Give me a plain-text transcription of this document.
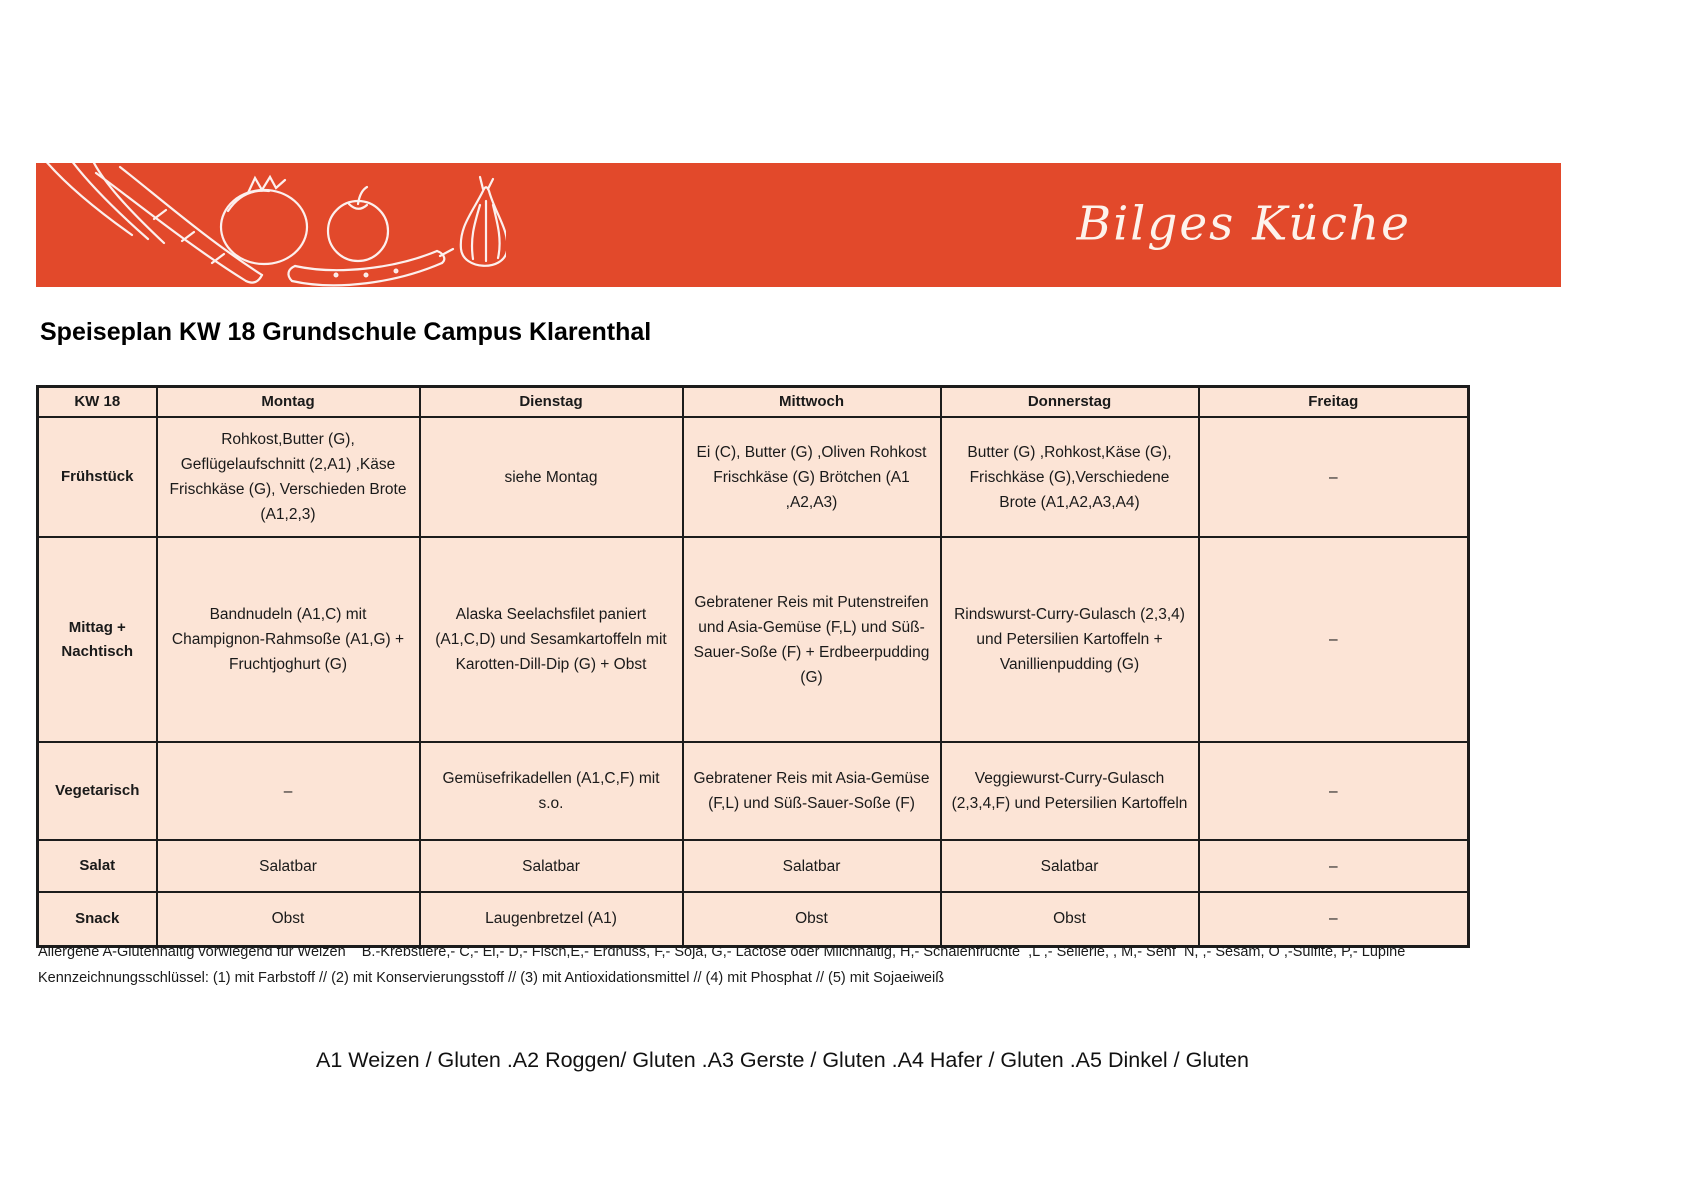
Bilges Küche
Speiseplan KW 18 Grundschule Campus Klarenthal
KW 18	Montag	Dienstag	Mittwoch	Donnerstag	Freitag
Frühstück	Rohkost,Butter (G), Geflügelaufschnitt (2,A1) ,Käse Frischkäse (G), Verschieden Brote (A1,2,3)	siehe Montag	Ei (C), Butter (G) ,Oliven Rohkost Frischkäse (G) Brötchen (A1 ,A2,A3)	Butter (G) ,Rohkost,Käse (G), Frischkäse (G),Verschiedene Brote (A1,A2,A3,A4)	–
Mittag + Nachtisch	Bandnudeln (A1,C) mit Champignon-Rahmsoße (A1,G) + Fruchtjoghurt (G)	Alaska Seelachsfilet paniert (A1,C,D) und Sesamkartoffeln mit Karotten-Dill-Dip (G) + Obst	Gebratener Reis mit Putenstreifen und Asia-Gemüse (F,L) und Süß-Sauer-Soße (F) + Erdbeerpudding (G)	Rindswurst-Curry-Gulasch (2,3,4) und Petersilien Kartoffeln + Vanillienpudding (G)	–
Vegetarisch	–	Gemüsefrikadellen (A1,C,F) mit s.o.	Gebratener Reis mit Asia-Gemüse (F,L) und Süß-Sauer-Soße (F)	Veggiewurst-Curry-Gulasch (2,3,4,F) und Petersilien Kartoffeln	–
Salat	Salatbar	Salatbar	Salatbar	Salatbar	–
Snack	Obst	Laugenbretzel (A1)	Obst	Obst	–
Allergene A-Glutenhaltig vorwiegend für Weizen    B.-Krebstiere,- C,- Ei,- D,- Fisch,E,- Erdnuss, F,- Soja, G,- Lactose oder Milchhaltig, H,- Schalenfrüchte  ,L ,- Sellerie, , M,- Senf  N, ,- Sesam, O ,-Sulfite, P,- Lupine
Kennzeichnungsschlüssel: (1) mit Farbstoff // (2) mit Konservierungsstoff // (3) mit Antioxidationsmittel // (4) mit Phosphat // (5) mit Sojaeiweiß
A1 Weizen / Gluten .A2 Roggen/ Gluten .A3 Gerste / Gluten .A4 Hafer / Gluten .A5 Dinkel / Gluten
